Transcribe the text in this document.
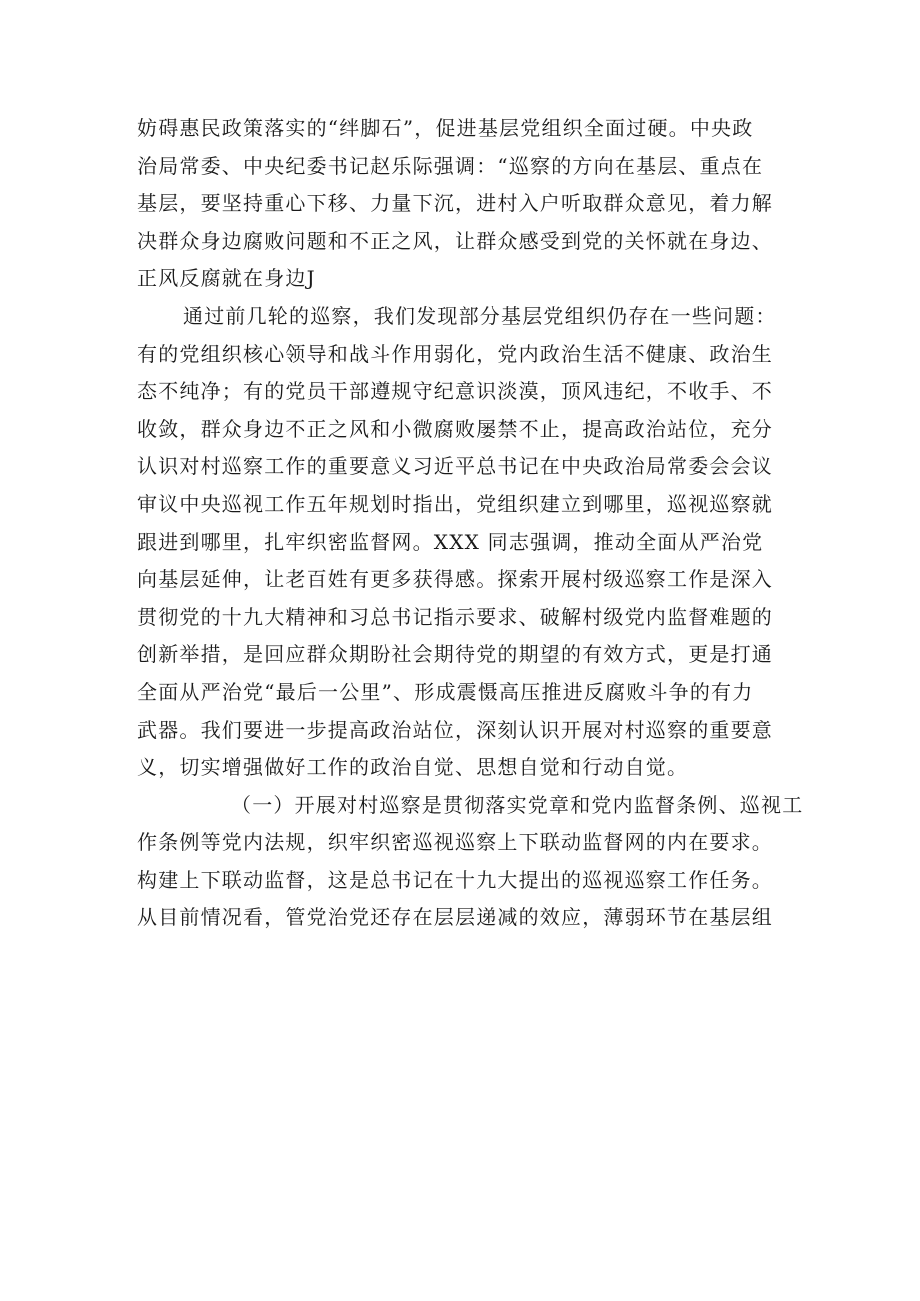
妨碍惠民政策落实的“绊脚石”，促进基层党组织全面过硬。中央政
治局常委、中央纪委书记赵乐际强调：“巡察的方向在基层、重点在
基层，要坚持重心下移、力量下沉，进村入户听取群众意见，着力解
决群众身边腐败问题和不正之风，让群众感受到党的关怀就在身边、
正风反腐就在身边J
通过前几轮的巡察，我们发现部分基层党组织仍存在一些问题：
有的党组织核心领导和战斗作用弱化，党内政治生活不健康、政治生
态不纯净；有的党员干部遵规守纪意识淡漠，顶风违纪，不收手、不
收敛，群众身边不正之风和小微腐败屡禁不止，提高政治站位，充分
认识对村巡察工作的重要意义习近平总书记在中央政治局常委会会议
审议中央巡视工作五年规划时指出，党组织建立到哪里，巡视巡察就
跟进到哪里，扎牢织密监督网。XXX 同志强调，推动全面从严治党
向基层延伸，让老百姓有更多获得感。探索开展村级巡察工作是深入
贯彻党的十九大精神和习总书记指示要求、破解村级党内监督难题的
创新举措，是回应群众期盼社会期待党的期望的有效方式，更是打通
全面从严治党“最后一公里”、形成震慑高压推进反腐败斗争的有力
武器。我们要进一步提高政治站位，深刻认识开展对村巡察的重要意
义，切实增强做好工作的政治自觉、思想自觉和行动自觉。
（一）开展对村巡察是贯彻落实党章和党内监督条例、巡视工
作条例等党内法规，织牢织密巡视巡察上下联动监督网的内在要求。
构建上下联动监督，这是总书记在十九大提出的巡视巡察工作任务。
从目前情况看，管党治党还存在层层递减的效应，薄弱环节在基层组
